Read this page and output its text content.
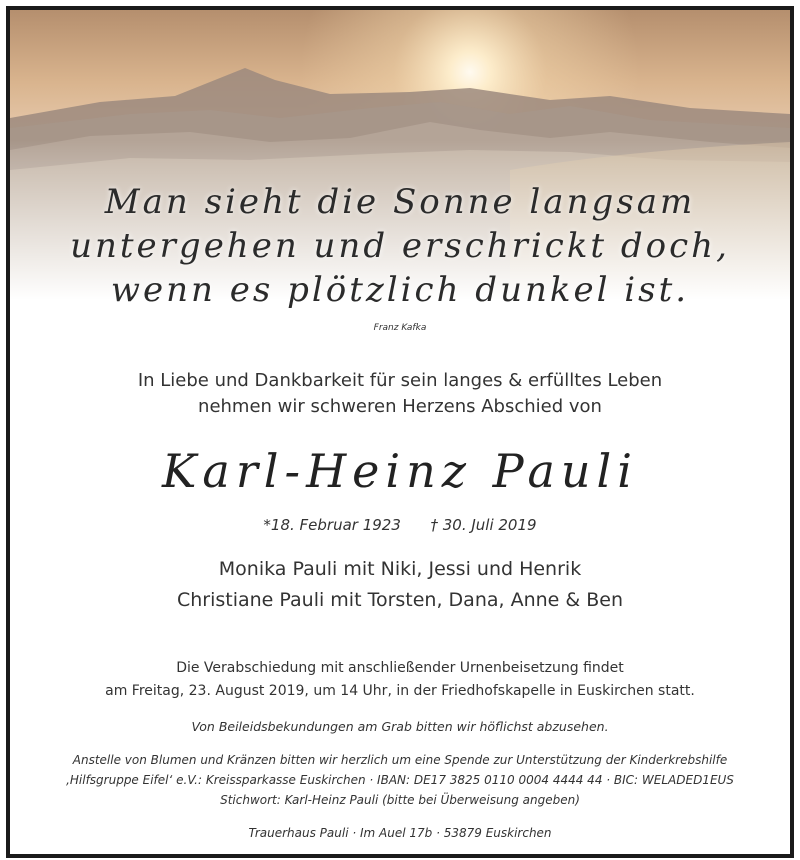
Man sieht die Sonne langsam
untergehen und erschrickt doch,
wenn es plötzlich dunkel ist.
Franz Kafka
In Liebe und Dankbarkeit für sein langes & erfülltes Leben
nehmen wir schweren Herzens Abschied von
Karl-Heinz Pauli
*18. Februar 1923 † 30. Juli 2019
Monika Pauli mit Niki, Jessi und Henrik
Christiane Pauli mit Torsten, Dana, Anne & Ben
Die Verabschiedung mit anschließender Urnenbeisetzung findet
am Freitag, 23. August 2019, um 14 Uhr, in der Friedhofskapelle in Euskirchen statt.
Von Beileidsbekundungen am Grab bitten wir höflichst abzusehen.
Anstelle von Blumen und Kränzen bitten wir herzlich um eine Spende zur Unterstützung der Kinderkrebshilfe
‚Hilfsgruppe Eifel‘ e.V.: Kreissparkasse Euskirchen · IBAN: DE17 3825 0110 0004 4444 44 · BIC: WELADED1EUS
Stichwort: Karl-Heinz Pauli (bitte bei Überweisung angeben)
Trauerhaus Pauli · Im Auel 17b · 53879 Euskirchen
